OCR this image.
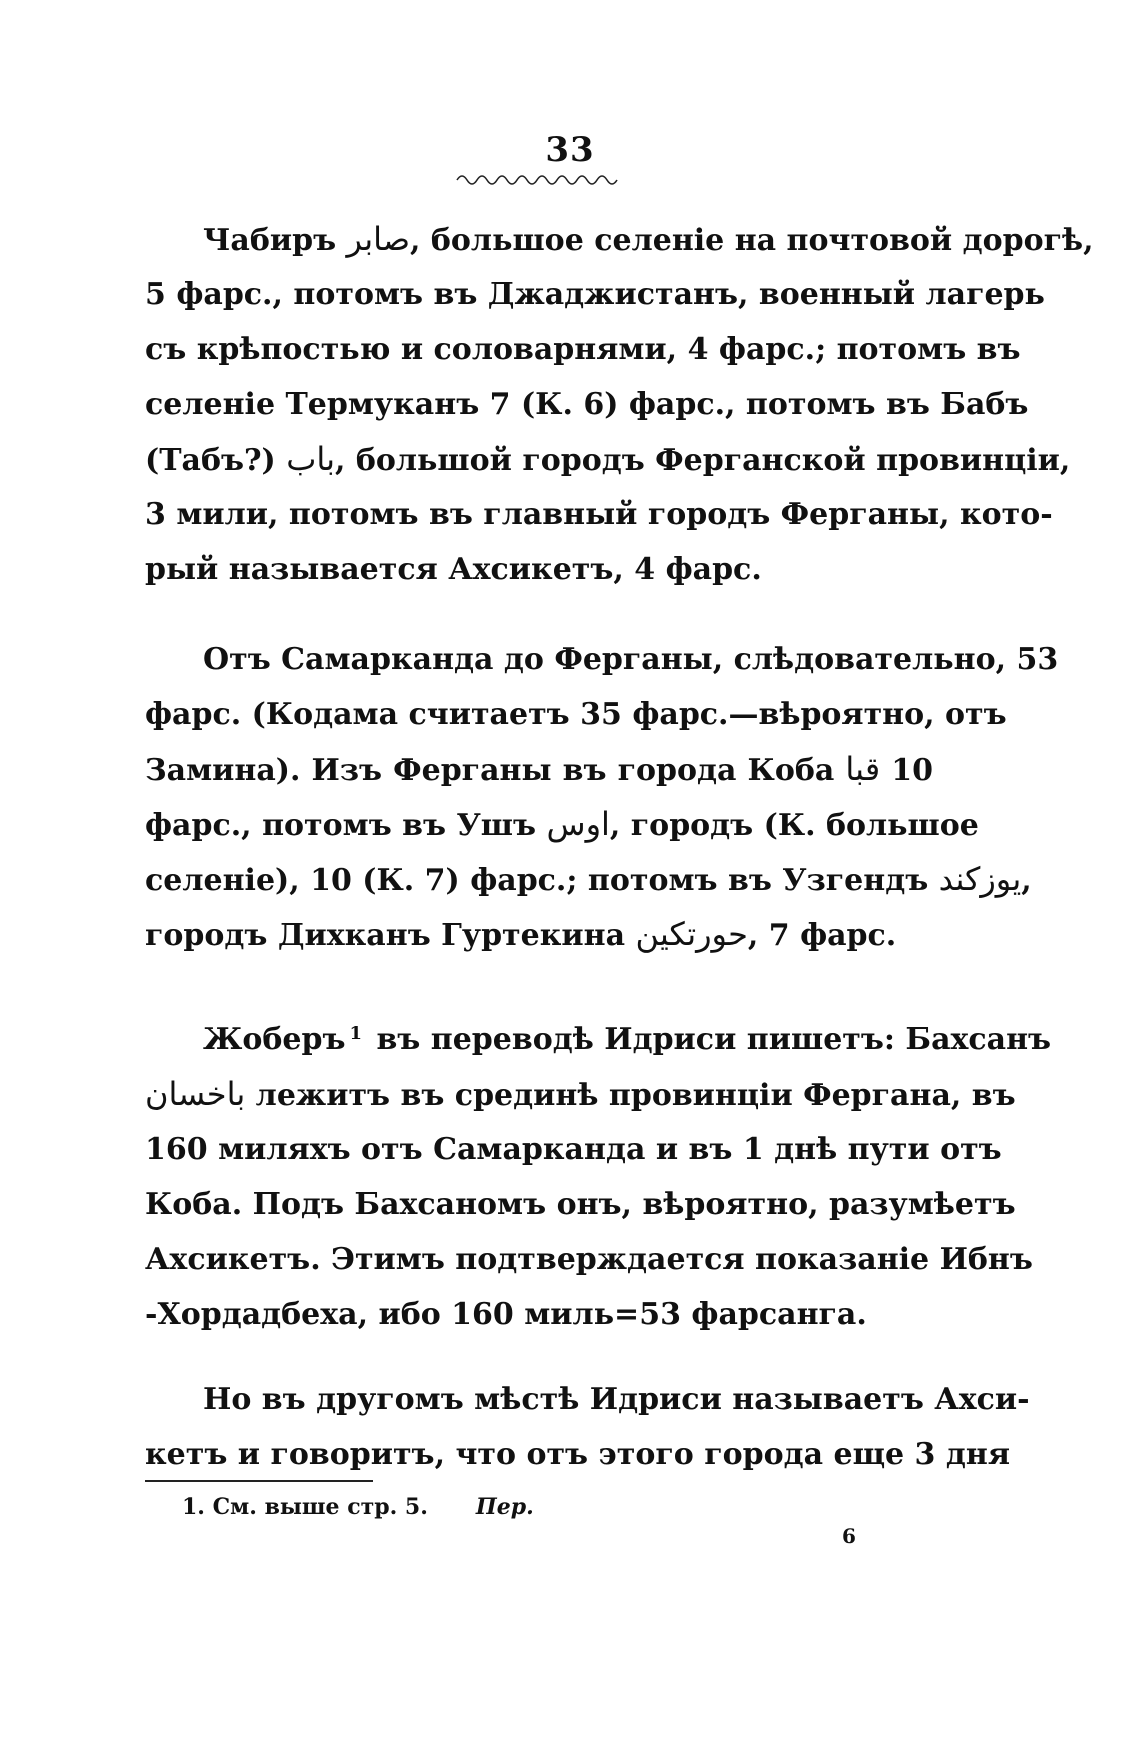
33
Чабиръ صابر, большое селеніе на почтовой дорогѣ,
5 фарс., потомъ въ Джаджистанъ, военный лагерь
съ крѣпостью и соловарнями, 4 фарс.; потомъ въ
селеніе Термуканъ 7 (К. 6) фарс., потомъ въ Бабъ
(Табъ?) باب, большой городъ Ферганской провинціи,
3 мили, потомъ въ главный городъ Ферганы, кото-
рый называется Ахсикетъ, 4 фарс.
Отъ Самарканда до Ферганы, слѣдовательно, 53
фарс. (Кодама считаетъ 35 фарс.—вѣроятно, отъ
Замина). Изъ Ферганы въ города Коба قبا 10
фарс., потомъ въ Ушъ اوس, городъ (К. большое
селеніе), 10 (К. 7) фарс.; потомъ въ Узгендъ يوزكند,
городъ Дихканъ Гуртекина حورتكين, 7 фарс.
Жоберъ $^1$ въ переводѣ Идриси пишетъ: Бахсанъ
باخسان лежитъ въ срединѣ провинціи Фергана, въ
160 миляхъ отъ Самарканда и въ 1 днѣ пути отъ
Коба. Подъ Бахсаномъ онъ, вѣроятно, разумѣетъ
Ахсикетъ. Этимъ подтверждается показаніе Ибнъ
-Хордадбеха, ибо 160 миль=53 фарсанга.
Но въ другомъ мѣстѣ Идриси называетъ Ахси-
кетъ и говоритъ, что отъ этого города еще 3 дня
1. См. выше стр. 5. Пер.
6
